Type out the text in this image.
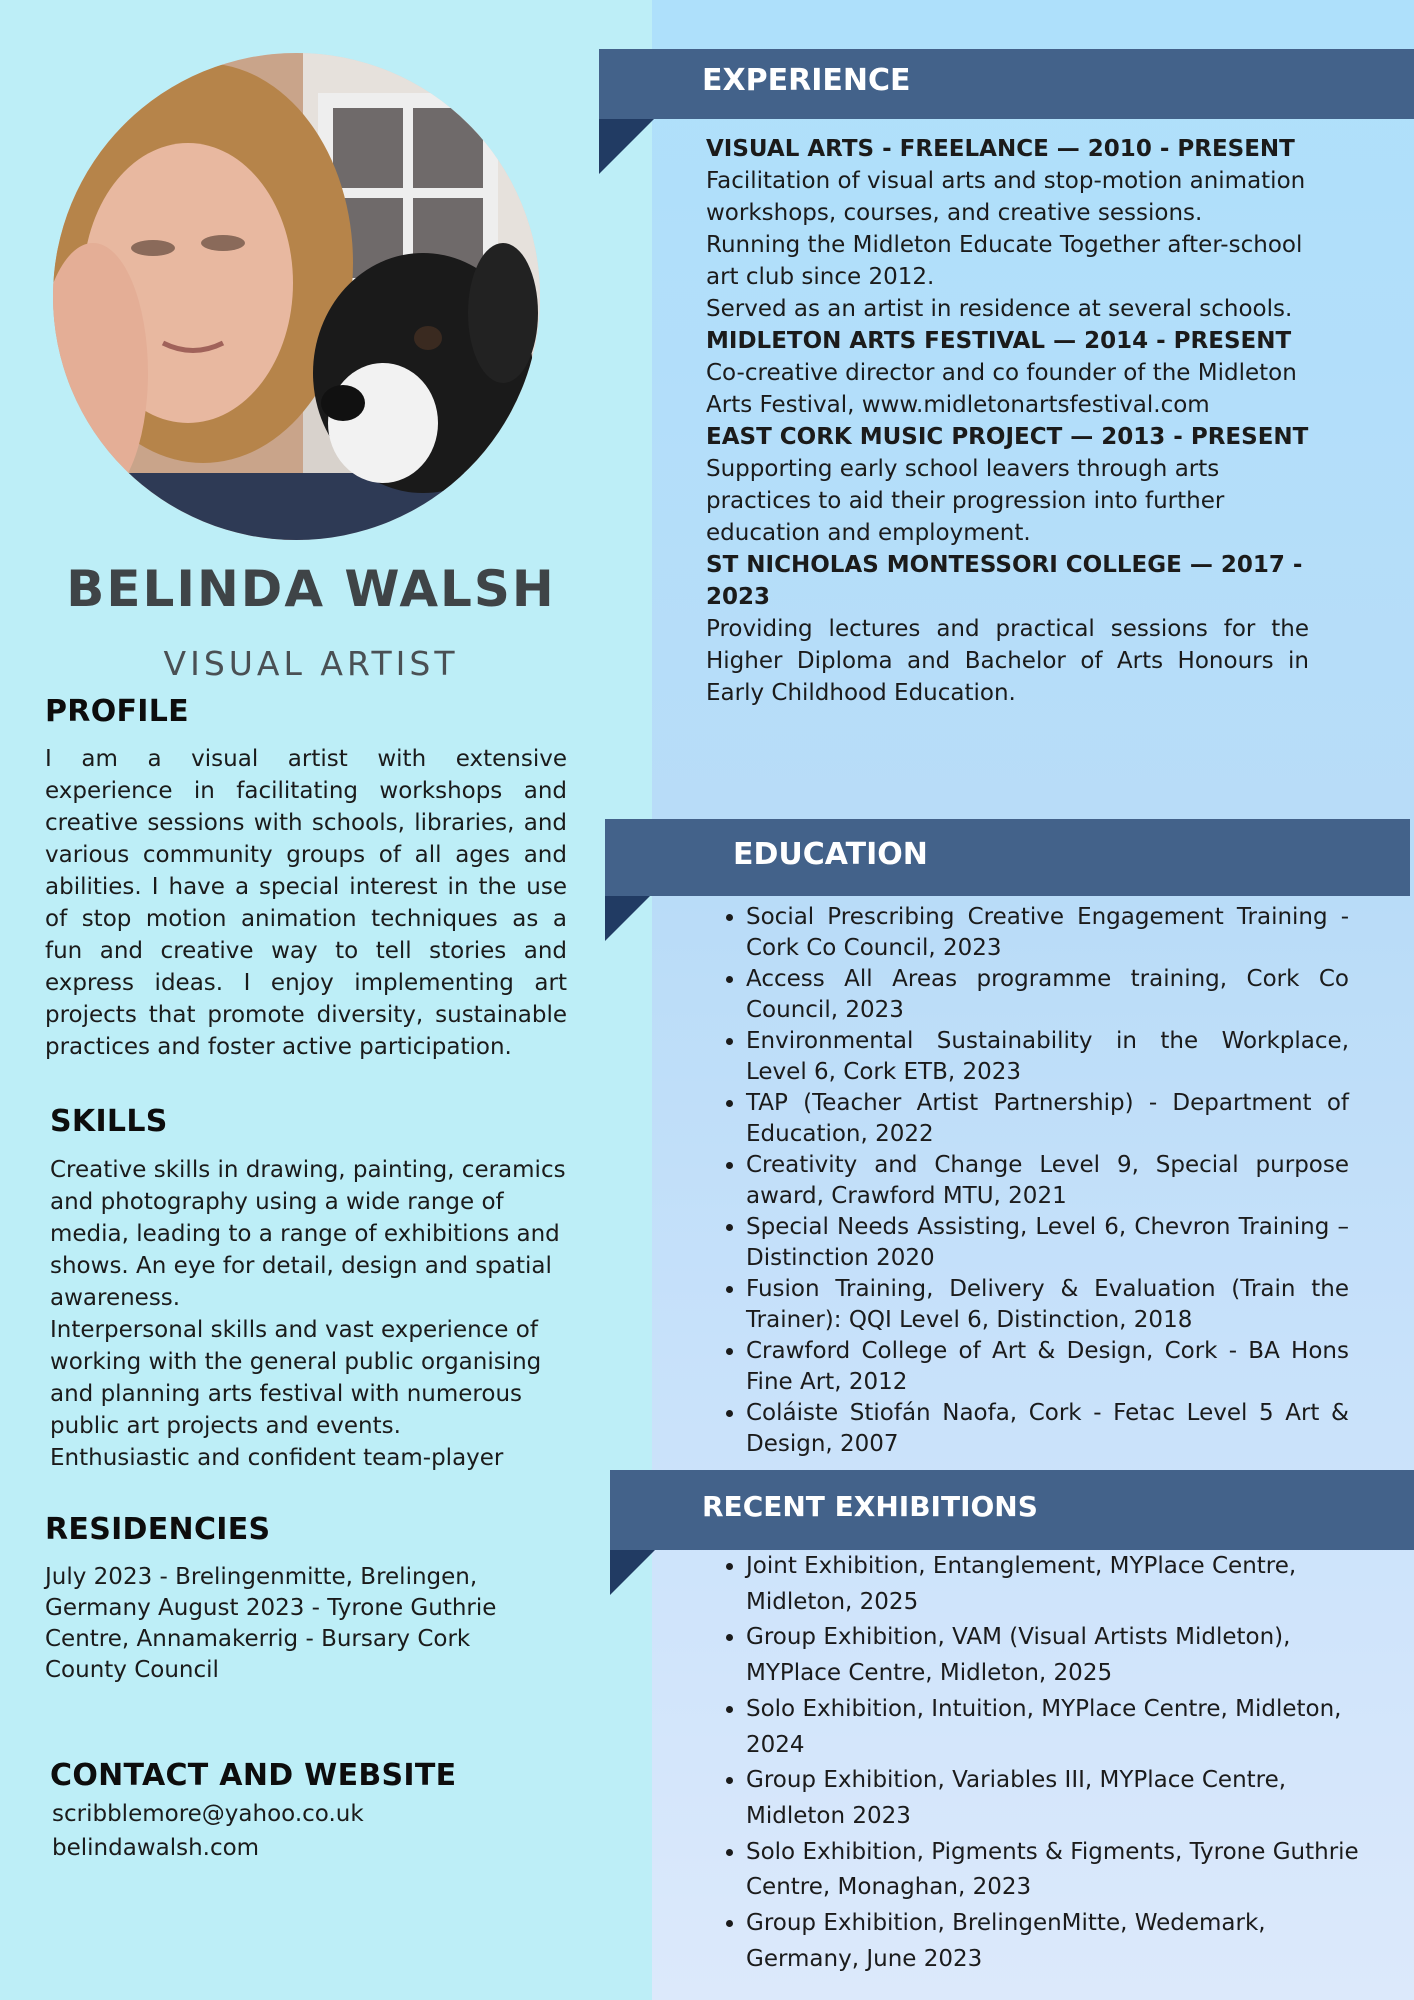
BELINDA WALSH
VISUAL ARTIST
PROFILE
I am a visual artist with extensive experience in facilitating workshops and creative sessions with schools, libraries, and various community groups of all ages and abilities. I have a special interest in the use of stop motion animation techniques as a fun and creative way to tell stories and express ideas. I enjoy implementing art projects that promote diversity, sustainable practices and foster active participation.
SKILLS

Creative skills in drawing, painting, ceramics and photography using a wide range of media, leading to a range of exhibitions and shows. An eye for detail, design and spatial awareness.

Interpersonal skills and vast experience of working with the general public organising and planning arts festival with numerous public art projects and events.

Enthusiastic and confident team-player

RESIDENCIES
July 2023 - Brelingenmitte, Brelingen, Germany August 2023 - Tyrone Guthrie Centre, Annamakerrig - Bursary Cork County Council
CONTACT AND WEBSITE
scribblemore@yahoo.co.uk
belindawalsh.com
EXPERIENCE
VISUAL ARTS - FREELANCE — 2010 - PRESENT
Facilitation of visual arts and stop-motion animation workshops, courses, and creative sessions.
Running the Midleton Educate Together after-school art club since 2012.
Served as an artist in residence at several schools.
MIDLETON ARTS FESTIVAL — 2014 - PRESENT
Co-creative director and co founder of the Midleton Arts Festival, www.midletonartsfestival.com
EAST CORK MUSIC PROJECT — 2013 - PRESENT
Supporting early school leavers through arts practices to aid their progression into further education and employment.
ST NICHOLAS MONTESSORI COLLEGE — 2017 - 2023
Providing lectures and practical sessions for the Higher Diploma and Bachelor of Arts Honours in Early Childhood Education.
EDUCATION
• Social Prescribing Creative Engagement Training - Cork Co Council, 2023
• Access All Areas programme training, Cork Co Council, 2023
• Environmental Sustainability in the Workplace, Level 6, Cork ETB, 2023
• TAP (Teacher Artist Partnership) - Department of Education, 2022
• Creativity and Change Level 9, Special purpose award, Crawford MTU, 2021
• Special Needs Assisting, Level 6, Chevron Training – Distinction 2020
• Fusion Training, Delivery & Evaluation (Train the Trainer): QQI Level 6, Distinction, 2018
• Crawford College of Art & Design, Cork - BA Hons Fine Art, 2012
• Coláiste Stiofán Naofa, Cork - Fetac Level 5 Art & Design, 2007
RECENT EXHIBITIONS
• Joint Exhibition, Entanglement, MYPlace Centre, Midleton, 2025
• Group Exhibition, VAM (Visual Artists Midleton), MYPlace Centre, Midleton, 2025
• Solo Exhibition, Intuition, MYPlace Centre, Midleton, 2024
• Group Exhibition, Variables III, MYPlace Centre, Midleton 2023
• Solo Exhibition, Pigments & Figments, Tyrone Guthrie Centre, Monaghan, 2023
• Group Exhibition, BrelingenMitte, Wedemark, Germany, June 2023
